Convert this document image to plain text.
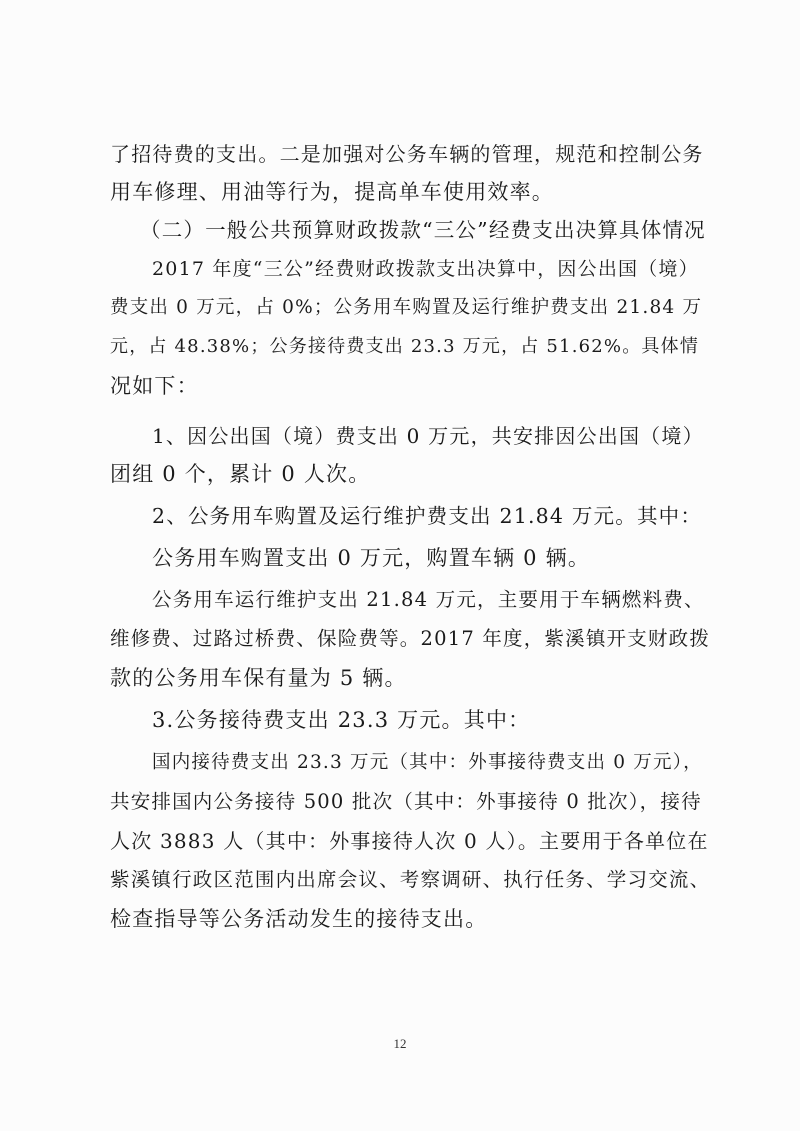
了招待费的支出。二是加强对公务车辆的管理，规范和控制公务
用车修理、用油等行为，提高单车使用效率。
（二）一般公共预算财政拨款“三公”经费支出决算具体情况
2017 年度“三公”经费财政拨款支出决算中，因公出国（境）
费支出 0 万元，占 0%；公务用车购置及运行维护费支出 21.84 万
元，占 48.38%；公务接待费支出 23.3 万元，占 51.62%。具体情
况如下：
1、因公出国（境）费支出 0 万元，共安排因公出国（境）
团组 0 个，累计 0 人次。
2、公务用车购置及运行维护费支出 21.84 万元。其中：
公务用车购置支出 0 万元，购置车辆 0 辆。
公务用车运行维护支出 21.84 万元，主要用于车辆燃料费、
维修费、过路过桥费、保险费等。2017 年度，紫溪镇开支财政拨
款的公务用车保有量为 5 辆。
3.公务接待费支出 23.3 万元。其中：
国内接待费支出 23.3 万元（其中：外事接待费支出 0 万元），
共安排国内公务接待 500 批次（其中：外事接待 0 批次），接待
人次 3883 人（其中：外事接待人次 0 人）。主要用于各单位在
紫溪镇行政区范围内出席会议、考察调研、执行任务、学习交流、
检查指导等公务活动发生的接待支出。
12
